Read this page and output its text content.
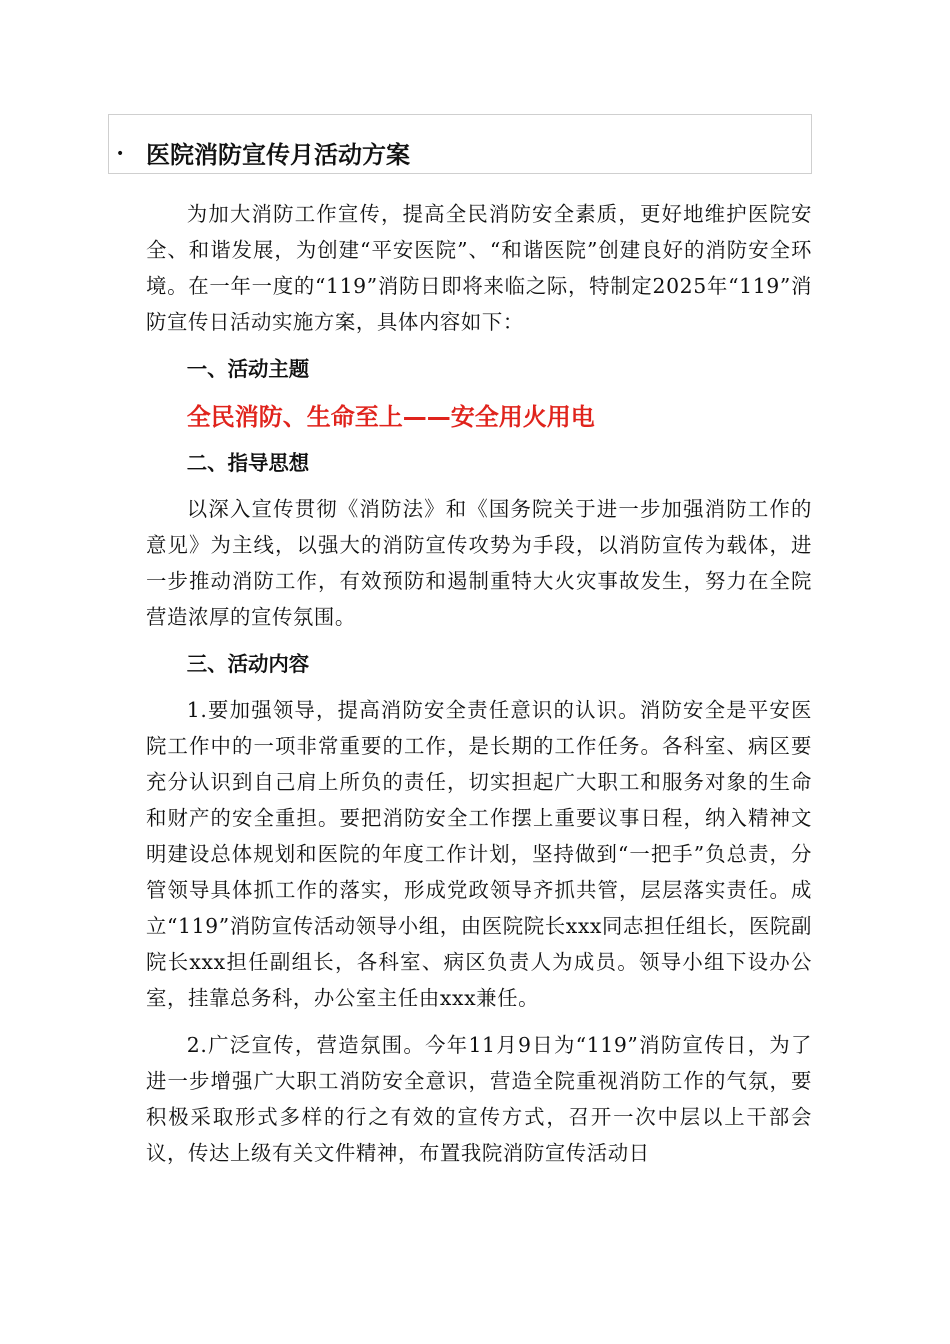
• 医院消防宣传月活动方案

为加大消防工作宣传，提高全民消防安全素质，更好地维护医院安全、和谐发展，为创建“平安医院”、“和谐医院”创建良好的消防安全环境。在一年一度的“119”消防日即将来临之际，特制定2025年“119”消防宣传日活动实施方案，具体内容如下：

一、活动主题
全民消防、生命至上——安全用火用电
二、指导思想

以深入宣传贯彻《消防法》和《国务院关于进一步加强消防工作的意见》为主线，以强大的消防宣传攻势为手段，以消防宣传为载体，进一步推动消防工作，有效预防和遏制重特大火灾事故发生，努力在全院营造浓厚的宣传氛围。

三、活动内容

1.要加强领导，提高消防安全责任意识的认识。消防安全是平安医院工作中的一项非常重要的工作，是长期的工作任务。各科室、病区要充分认识到自己肩上所负的责任，切实担起广大职工和服务对象的生命和财产的安全重担。要把消防安全工作摆上重要议事日程，纳入精神文明建设总体规划和医院的年度工作计划，坚持做到“一把手”负总责，分管领导具体抓工作的落实，形成党政领导齐抓共管，层层落实责任。成立“119”消防宣传活动领导小组，由医院院长xxx同志担任组长，医院副院长xxx担任副组长，各科室、病区负责人为成员。领导小组下设办公室，挂靠总务科，办公室主任由xxx兼任。

2.广泛宣传，营造氛围。今年11月9日为“119”消防宣传日，为了进一步增强广大职工消防安全意识，营造全院重视消防工作的气氛，要积极采取形式多样的行之有效的宣传方式，召开一次中层以上干部会议，传达上级有关文件精神，布置我院消防宣传活动日
